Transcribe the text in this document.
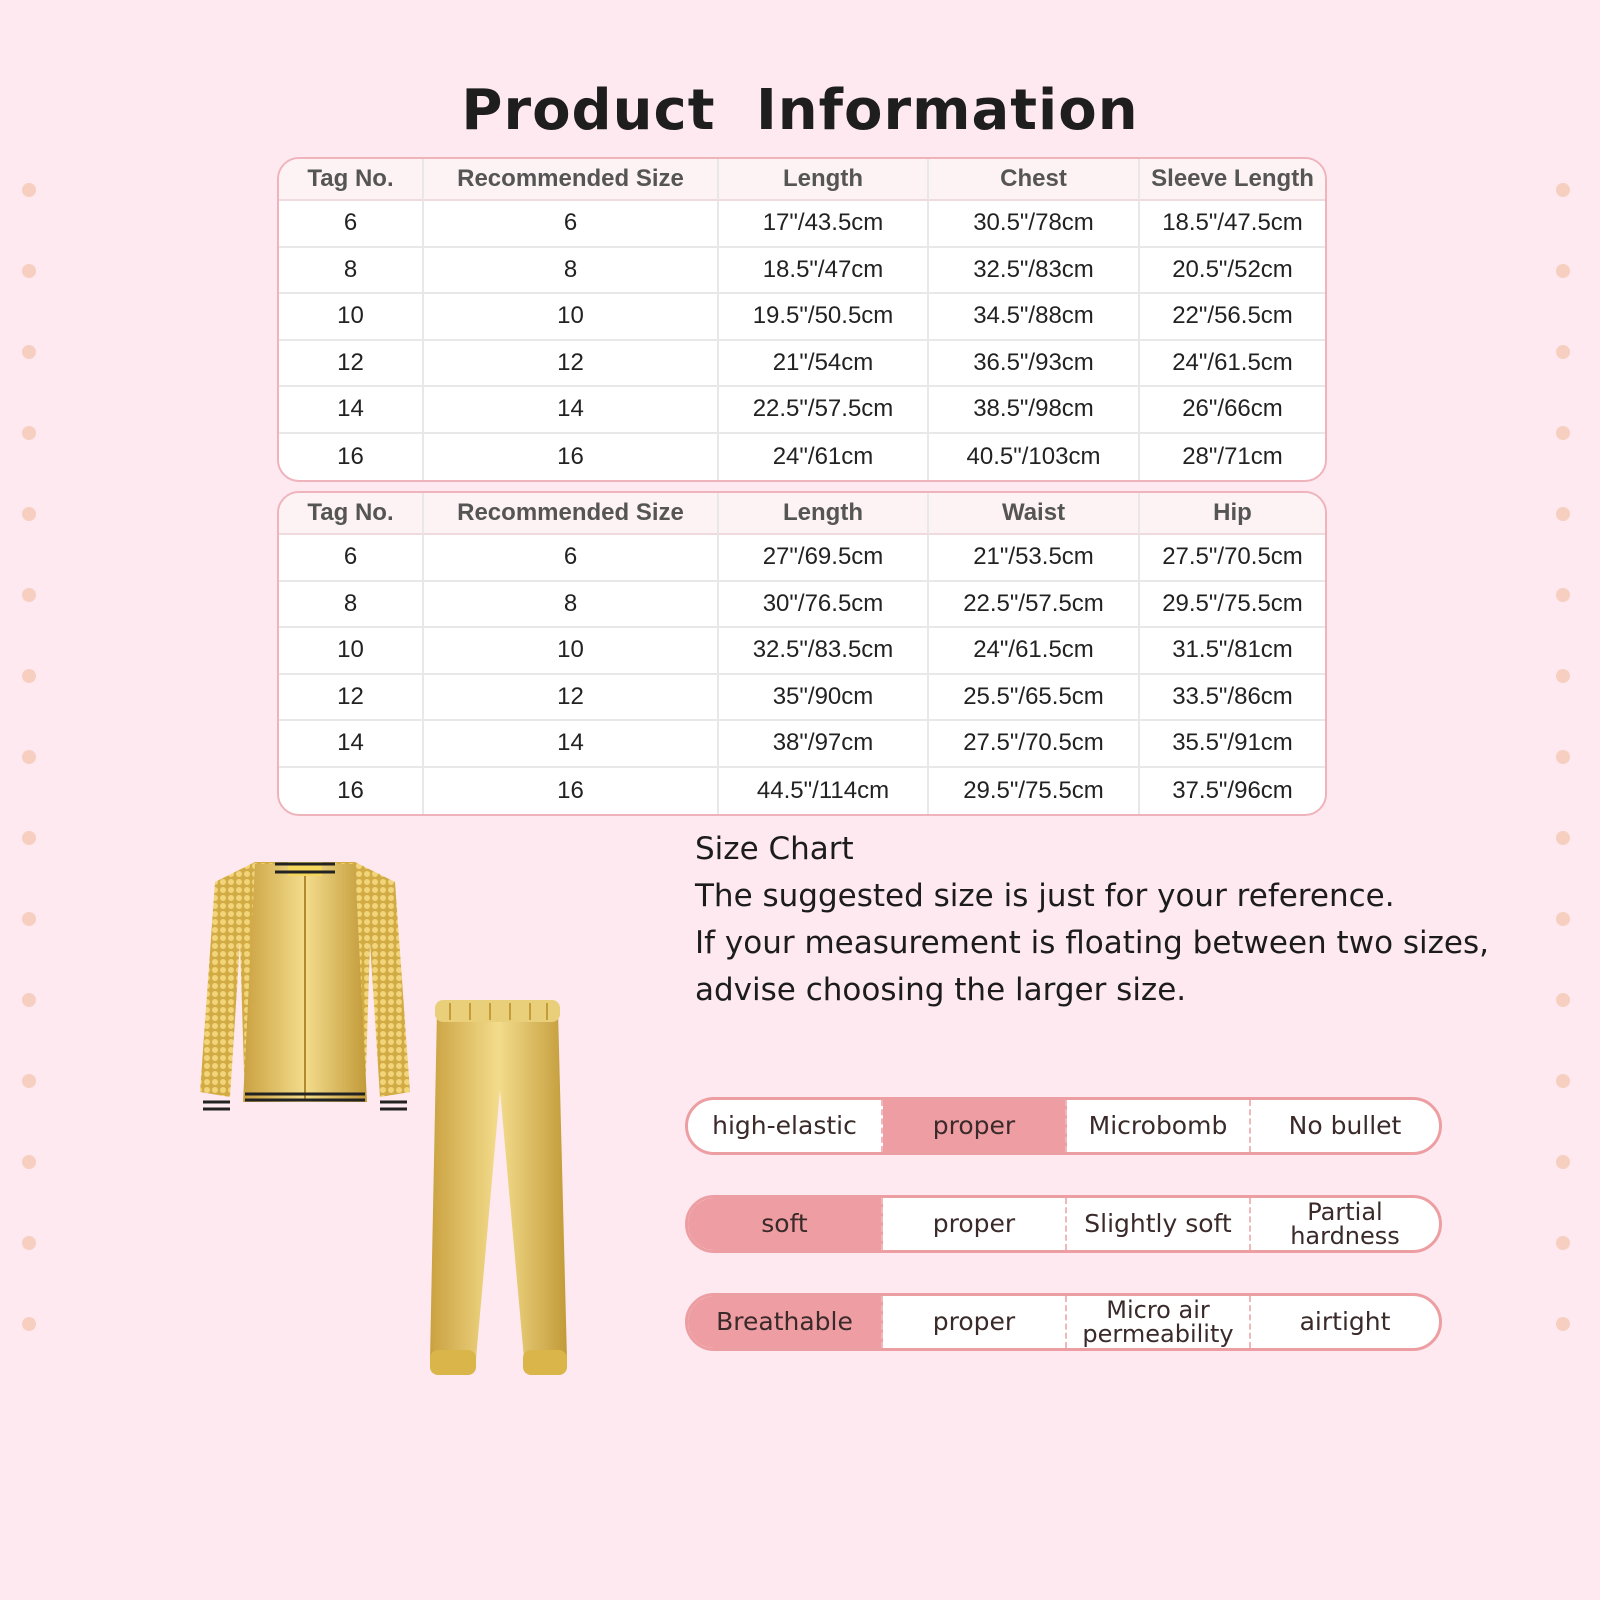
Product Information
Tag No.	Recommended Size	Length	Chest	Sleeve Length
6	6	17"/43.5cm	30.5"/78cm	18.5"/47.5cm
8	8	18.5"/47cm	32.5"/83cm	20.5"/52cm
10	10	19.5"/50.5cm	34.5"/88cm	22"/56.5cm
12	12	21"/54cm	36.5"/93cm	24"/61.5cm
14	14	22.5"/57.5cm	38.5"/98cm	26"/66cm
16	16	24"/61cm	40.5"/103cm	28"/71cm
Tag No.	Recommended Size	Length	Waist	Hip
6	6	27"/69.5cm	21"/53.5cm	27.5"/70.5cm
8	8	30"/76.5cm	22.5"/57.5cm	29.5"/75.5cm
10	10	32.5"/83.5cm	24"/61.5cm	31.5"/81cm
12	12	35"/90cm	25.5"/65.5cm	33.5"/86cm
14	14	38"/97cm	27.5"/70.5cm	35.5"/91cm
16	16	44.5"/114cm	29.5"/75.5cm	37.5"/96cm
Size Chart
The suggested size is just for your reference.
If your measurement is floating between two sizes,
advise choosing the larger size.
high-elastic	proper	Microbomb	No bullet
soft	proper	Slightly soft	Partial hardness
Breathable	proper	Micro air permeability	airtight
